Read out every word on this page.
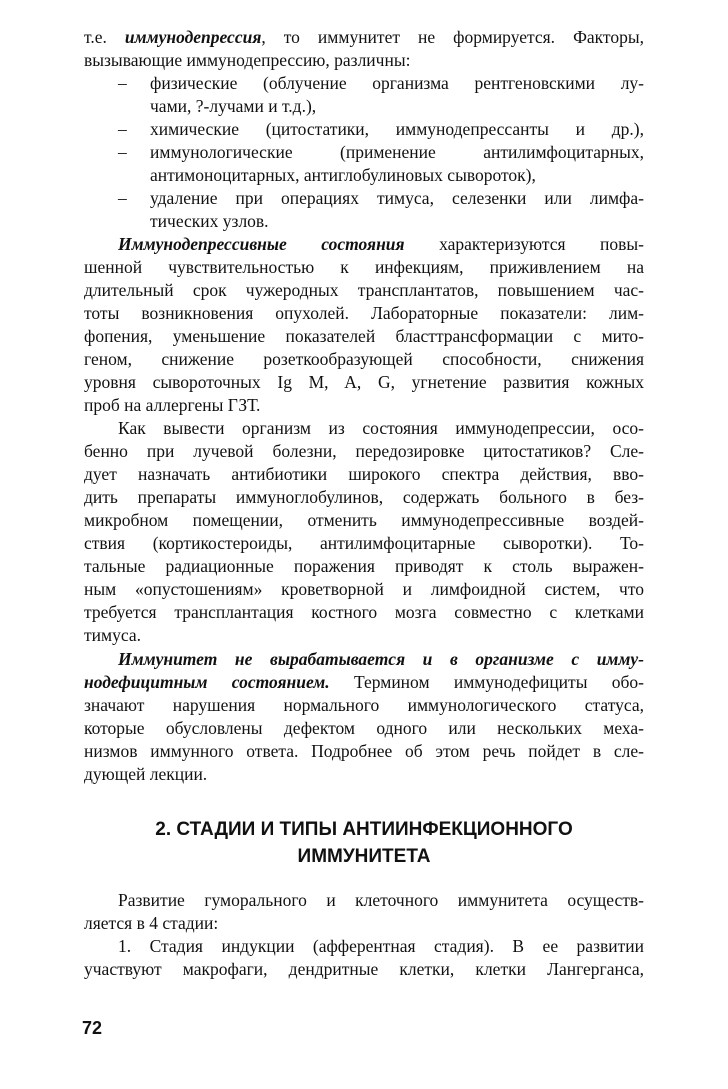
т.е. иммунодепрессия, то иммунитет не формируется. Факторы,
вызывающие иммунодепрессию, различны:
– физические (облучение организма рентгеновскими лу-
чами, ?-лучами и т.д.),
– химические (цитостатики, иммунодепрессанты и др.),
– иммунологические (применение антилимфоцитарных,
антимоноцитарных, антиглобулиновых сывороток),
– удаление при операциях тимуса, селезенки или лимфа-
тических узлов.
Иммунодепрессивные состояния характеризуются повы-
шенной чувствительностью к инфекциям, приживлением на
длительный срок чужеродных трансплантатов, повышением час-
тоты возникновения опухолей. Лабораторные показатели: лим-
фопения, уменьшение показателей бласттрансформации с мито-
геном, снижение розеткообразующей способности, снижения
уровня сывороточных Ig M, A, G, угнетение развития кожных
проб на аллергены ГЗТ.
Как вывести организм из состояния иммунодепрессии, осо-
бенно при лучевой болезни, передозировке цитостатиков? Сле-
дует назначать антибиотики широкого спектра действия, вво-
дить препараты иммуноглобулинов, содержать больного в без-
микробном помещении, отменить иммунодепрессивные воздей-
ствия (кортикостероиды, антилимфоцитарные сыворотки). То-
тальные радиационные поражения приводят к столь выражен-
ным «опустошениям» кроветворной и лимфоидной систем, что
требуется трансплантация костного мозга совместно с клетками
тимуса.
Иммунитет не вырабатывается и в организме с имму-
нодефицитным состоянием. Термином иммунодефициты обо-
значают нарушения нормального иммунологического статуса,
которые обусловлены дефектом одного или нескольких меха-
низмов иммунного ответа. Подробнее об этом речь пойдет в сле-
дующей лекции.
2. СТАДИИ И ТИПЫ АНТИИНФЕКЦИОННОГО
ИММУНИТЕТА
Развитие гуморального и клеточного иммунитета осуществ-
ляется в 4 стадии:
1. Стадия индукции (афферентная стадия). В ее развитии
участвуют макрофаги, дендритные клетки, клетки Лангерганса,
72
